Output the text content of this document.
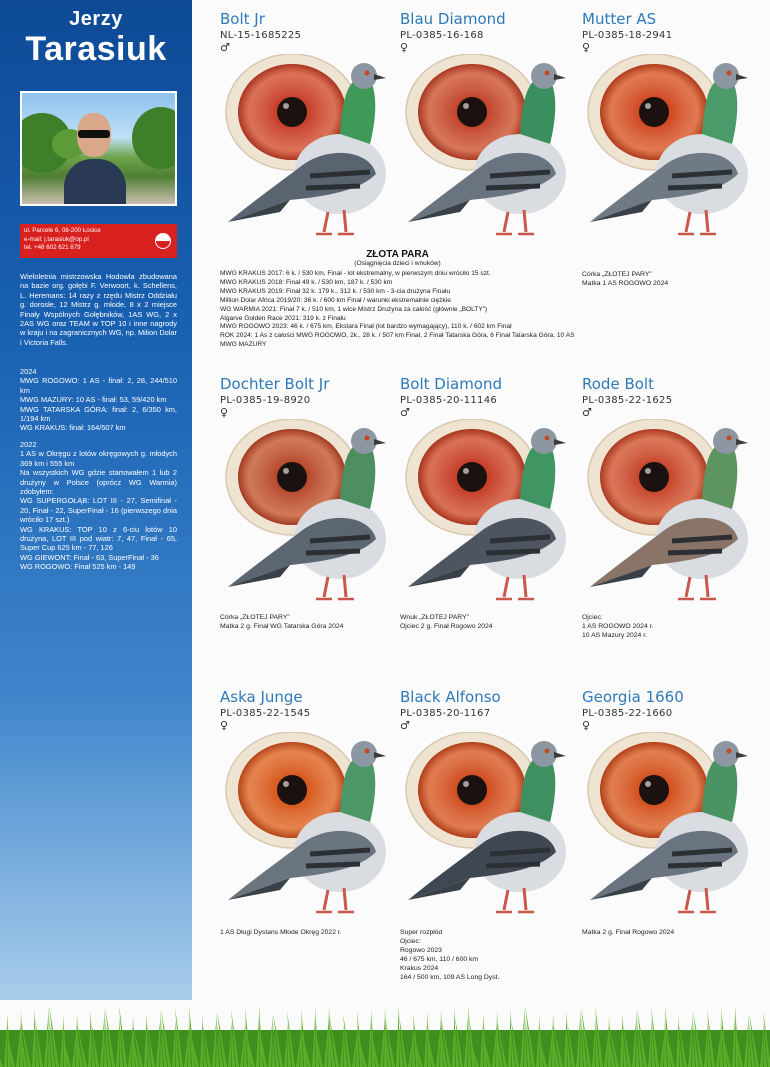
Jerzy
Tarasiuk
ul. Parcele 6, 08-200 Łosice
e-mail: j.tarasiuk@op.pl
tel. +48 602 621 879
Wieloletnia mistrzowska Hodowla zbudowana na bazie org. gołębi F. Verwoort, k. Schellens, L. Heremans: 14 razy z rzędu Mistrz Oddziału g. dorosłe, 12 Mistrz g. młode, 8 x 2 miejsce Finały Wspólnych Gołębników, 1AS WG, 2 x 2AS WG oraz TEAM w TOP 10 i inne nagrody w kraju i na zagranicznych WG, np. Milion Dolar i Victoria Falls.

2024

MWG ROGOWO: 1 AS - finał: 2, 28, 244/510 km

MWG MAZURY: 10 AS - finał: 53, 59/420 km

MWG TATARSKA GÓRA: finał: 2, 6/350 km, 1/194 km

WG KRAKUS: finał: 164/507 km

2022

1 AS w Okręgu z lotów okręgowych g. młodych 369 km i 555 km

Na wszystkich WG gdzie startowałem 1 lub 2 drużyny w Polsce (oprócz WG Warmia) zdobyłem:

WG SUPERGOŁĄB: LOT III - 27, Semifinał - 20, Finał - 22, SuperFinał - 16 (pierwszego dnia wróciło 17 szt.)

WG KRAKUS: TOP 10 z 6-ciu lotów 10 drużyna, LOT III pod wiatr: 7, 47, Finał - 65, Super Cup 625 km - 77, 126

WG GIEWONT: Finał - 63, SuperFinał - 36

WG ROGOWO: Finał 525 km - 149

Bolt Jr
NL-15-1685225
♂
Blau Diamond
PL-0385-16-168
♀
Mutter AS
PL-0385-18-2941
♀
Córka „ZŁOTEJ PARY”
Matka 1 AS ROGOWO 2024
Dochter Bolt Jr
PL-0385-19-8920
♀
Córka „ZŁOTEJ PARY”
Matka 2 g. Finał WG Tatarska Góra 2024
Bolt Diamond
PL-0385-20-11146
♂
Wnuk „ZŁOTEJ PARY”
Ojciec 2 g. Finał Rogowo 2024
Rode Bolt
PL-0385-22-1625
♂
Ojciec:
1 AS ROGOWO 2024 r.
10 AS Mazury 2024 r.
Aska Junge
PL-0385-22-1545
♀
1 AS Długi Dystans Młode Okręg 2022 r.
Black Alfonso
PL-0385-20-1167
♂
Super rozpłód
Ojciec:
Rogowo 2023
46 / 675 km, 110 / 600 km
Krakus 2024
164 / 500 km, 109 AS Long Dyst.
Georgia 1660
PL-0385-22-1660
♀
Matka 2 g. Finał Rogowo 2024
ZŁOTA PARA
(Osiągnięcia dzieci i wnuków)
MWG KRAKUS 2017: 6 k. / 530 km, Finał - lot ekstremalny, w pierwszym dniu wróciło 15 szt.
MWG KRAKUS 2018: Finał 49 k. / 530 km, 187 k. / 530 km
MWG KRAKUS 2019: Finał 32 k. 179 k., 312 k. / 530 km - 3-cia drużyna Finału
Million Dolar Africa 2019/20: 36 k. / 600 km Finał / warunki ekstremalnie ciężkie
WG WARMIA 2021: Finał 7 k. / 510 km, 1 wice Mistrz Drużyna za całość (głównie „BOLTY”)
Algarve Golden Race 2021: 319 k. z Finału
MWG ROGOWO 2023: 46 k. / 675 km, Ekstara Finał (lot bardzo wymagający), 110 k. / 602 km Finał
ROK 2024: 1 As z całości MWG ROGOWO, 2k., 28 k. / 507 km Finał, 2 Finał Tatarska Góra, 6 Finał Tatarska Góra, 10 AS MWG MAZURY
